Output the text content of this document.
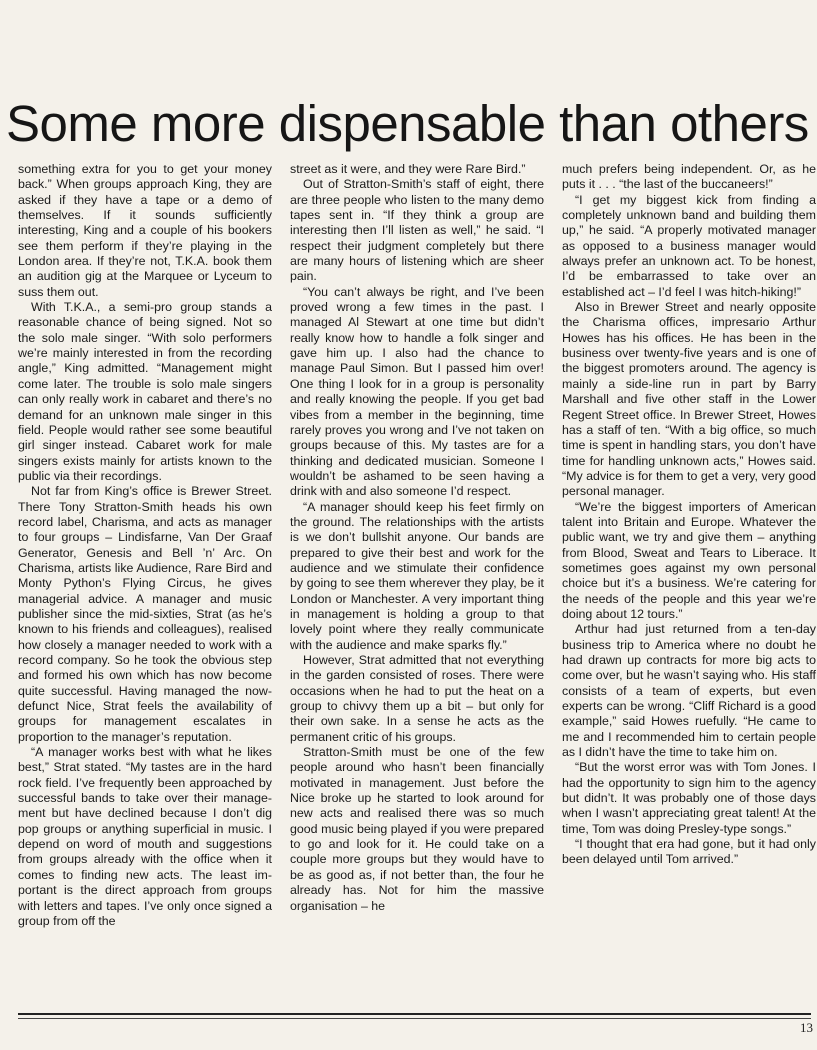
Some more dispensable than others

something extra for you to get your money back.” When groups approach King, they are asked if they have a tape or a demo of themselves. If it sounds sufficiently interesting, King and a couple of his bookers see them perform if they’re playing in the London area. If they’re not, T.K.A. book them an audition gig at the Marquee or Lyceum to suss them out.

With T.K.A., a semi-pro group stands a reasonable chance of being signed. Not so the solo male singer. “With solo performers we’re mainly interested in from the recording angle,” King admitted. “Management might come later. The trouble is solo male singers can only really work in cabaret and there’s no demand for an unknown male singer in this field. People would rather see some beautiful girl singer instead. Cabaret work for male singers exists mainly for artists known to the public via their recordings.

Not far from King’s office is Brewer Street. There Tony Stratton-Smith heads his own record label, Charisma, and acts as manager to four groups – Lindisfarne, Van Der Graaf Generator, Genesis and Bell ’n’ Arc. On Charisma, artists like Audience, Rare Bird and Monty Python’s Flying Circus, he gives managerial advice. A manager and music publisher since the mid-sixties, Strat (as he’s known to his friends and colleagues), realised how closely a manager needed to work with a record company. So he took the obvious step and formed his own which has now become quite successful. Having managed the now-defunct Nice, Strat feels the availability of groups for management escalates in proportion to the manager’s reputation.

“A manager works best with what he likes best,” Strat stated. “My tastes are in the hard rock field. I’ve frequently been approached by successful bands to take over their management but have declined because I don’t dig pop groups or anything superficial in music. I depend on word of mouth and suggestions from groups already with the office when it comes to finding new acts. The least important is the direct approach from groups with letters and tapes. I’ve only once signed a group from off the

street as it were, and they were Rare Bird.”

Out of Stratton-Smith’s staff of eight, there are three people who listen to the many demo tapes sent in. “If they think a group are interesting then I’ll listen as well,” he said. “I respect their judgment completely but there are many hours of listening which are sheer pain.

“You can’t always be right, and I’ve been proved wrong a few times in the past. I managed Al Stewart at one time but didn’t really know how to handle a folk singer and gave him up. I also had the chance to manage Paul Simon. But I passed him over! One thing I look for in a group is personality and really knowing the people. If you get bad vibes from a member in the beginning, time rarely proves you wrong and I’ve not taken on groups because of this. My tastes are for a thinking and dedicated musician. Someone I wouldn’t be ashamed to be seen having a drink with and also someone I’d respect.

“A manager should keep his feet firmly on the ground. The relationships with the artists is we don’t bullshit anyone. Our bands are prepared to give their best and work for the audience and we stimulate their confidence by going to see them wherever they play, be it London or Manchester. A very important thing in management is holding a group to that lovely point where they really communicate with the audience and make sparks fly.”

However, Strat admitted that not everything in the garden consisted of roses. There were occasions when he had to put the heat on a group to chivvy them up a bit – but only for their own sake. In a sense he acts as the permanent critic of his groups.

Stratton-Smith must be one of the few people around who hasn’t been financially motivated in management. Just before the Nice broke up he started to look around for new acts and realised there was so much good music being played if you were prepared to go and look for it. He could take on a couple more groups but they would have to be as good as, if not better than, the four he already has. Not for him the massive organisation – he

much prefers being independent. Or, as he puts it . . . “the last of the buccaneers!”

“I get my biggest kick from finding a completely unknown band and building them up,” he said. “A properly motivated manager as opposed to a business manager would always prefer an unknown act. To be honest, I’d be embarrassed to take over an established act – I’d feel I was hitch-hiking!”

Also in Brewer Street and nearly opposite the Charisma offices, impresario Arthur Howes has his offices. He has been in the business over twenty-five years and is one of the biggest promoters around. The agency is mainly a side-line run in part by Barry Marshall and five other staff in the Lower Regent Street office. In Brewer Street, Howes has a staff of ten. “With a big office, so much time is spent in handling stars, you don’t have time for handling unknown acts,” Howes said. “My advice is for them to get a very, very good personal manager.

“We’re the biggest importers of American talent into Britain and Europe. Whatever the public want, we try and give them – anything from Blood, Sweat and Tears to Liberace. It sometimes goes against my own personal choice but it’s a business. We’re catering for the needs of the people and this year we’re doing about 12 tours.”

Arthur had just returned from a ten-day business trip to America where no doubt he had drawn up contracts for more big acts to come over, but he wasn’t saying who. His staff consists of a team of experts, but even experts can be wrong. “Cliff Richard is a good example,” said Howes ruefully. “He came to me and I recommended him to certain people as I didn’t have the time to take him on.

“But the worst error was with Tom Jones. I had the opportunity to sign him to the agency but didn’t. It was probably one of those days when I wasn’t appreciating great talent! At the time, Tom was doing Presley-type songs.”

“I thought that era had gone, but it had only been delayed until Tom arrived.”

13
